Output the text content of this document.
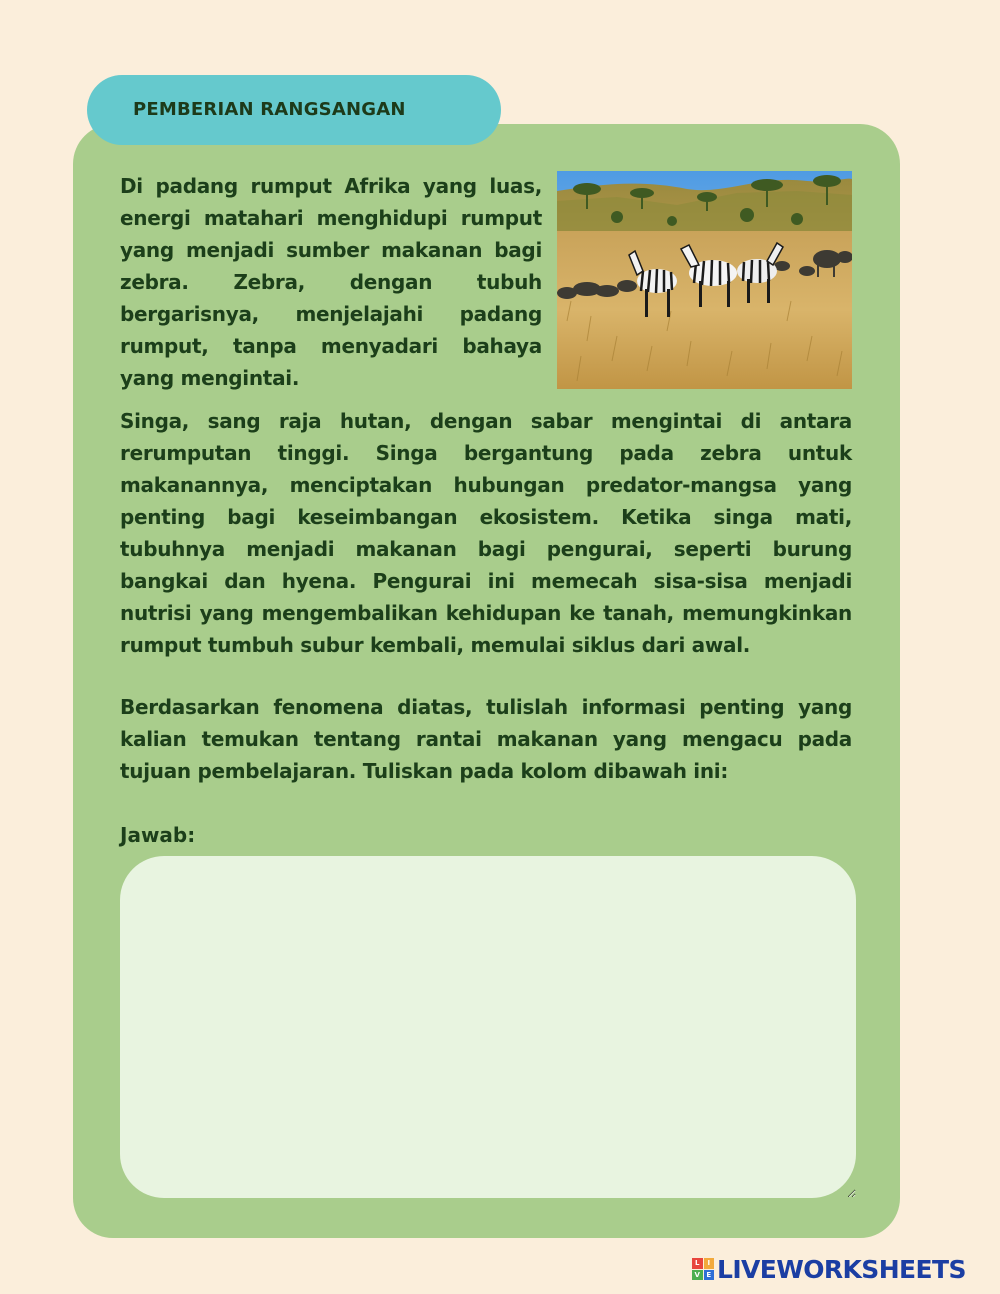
PEMBERIAN RANGSANGAN

Di padang rumput Afrika yang luas, energi matahari menghidupi rumput yang menjadi sumber makanan bagi zebra. Zebra, dengan tubuh bergarisnya, menjelajahi padang rumput, tanpa menyadari bahaya yang mengintai.

Singa, sang raja hutan, dengan sabar mengintai di antara rerumputan tinggi. Singa bergantung pada zebra untuk makanannya, menciptakan hubungan predator-mangsa yang penting bagi keseimbangan ekosistem. Ketika singa mati, tubuhnya menjadi makanan bagi pengurai, seperti burung bangkai dan hyena. Pengurai ini memecah sisa-sisa menjadi nutrisi yang mengembalikan kehidupan ke tanah, memungkinkan rumput tumbuh subur kembali, memulai siklus dari awal.

Berdasarkan fenomena diatas, tulislah informasi penting yang kalian temukan tentang rantai makanan yang mengacu pada tujuan pembelajaran. Tuliskan pada kolom dibawah ini:

Jawab:
L	I
V E LIVEWORKSHEETS
